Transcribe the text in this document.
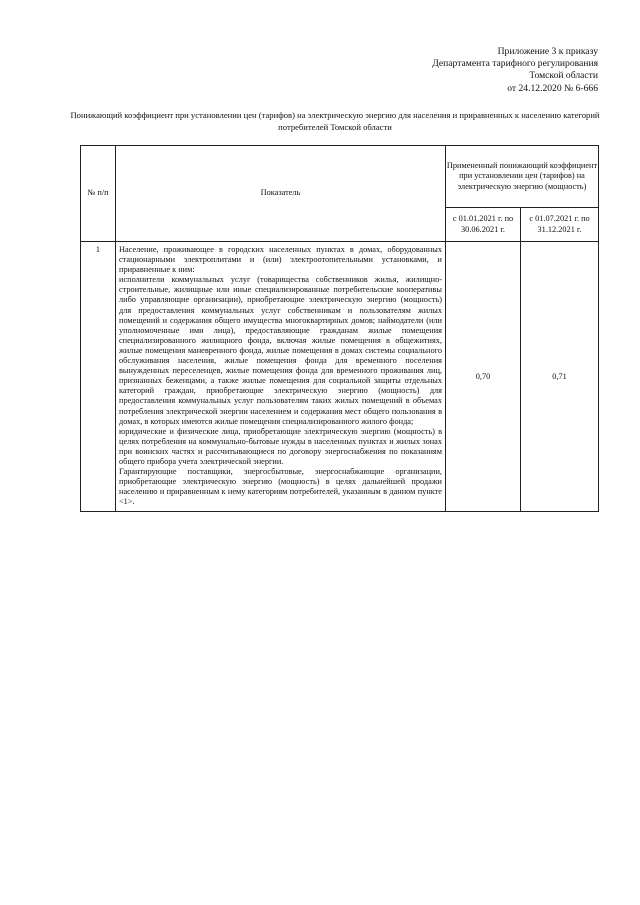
Приложение 3 к приказу
Департамента тарифного регулирования
Томской области
от 24.12.2020 № 6-666
Понижающий коэффициент при установлении цен (тарифов) на электрическую энергию для населения и приравненных к населению категорий потребителей Томской области
№ п/п	Показатель	Примененный понижающий коэффициент при установлении цен (тарифов) на электрическую энергию (мощность)	
		с 01.01.2021 г. по 30.06.2021 г.	с 01.07.2021 г. по 31.12.2021 г.
1	Население, проживающее в городских населенных пунктах в домах, оборудованных стационарными электроплитами и (или) электроотопительными установками, и приравненные к ним:

исполнители коммунальных услуг (товарищества собственников жилья, жилищно-строительные, жилищные или иные специализированные потребительские кооперативы либо управляющие организации), приобретающие электрическую энергию (мощность) для предоставления коммунальных услуг собственникам и пользователям жилых помещений и содержания общего имущества многоквартирных домов; наймодатели (или уполномоченные ими лица), предоставляющие гражданам жилые помещения специализированного жилищного фонда, включая жилые помещения в общежитиях, жилые помещения маневренного фонда, жилые помещения в домах системы социального обслуживания населения, жилые помещения фонда для временного поселения вынужденных переселенцев, жилые помещения фонда для временного проживания лиц, признанных беженцами, а также жилые помещения для социальной защиты отдельных категорий граждан, приобретающие электрическую энергию (мощность) для предоставления коммунальных услуг пользователям таких жилых помещений в объемах потребления электрической энергии населением и содержания мест общего пользования в домах, в которых имеются жилые помещения специализированного жилого фонда;

юридические и физические лица, приобретающие электрическую энергию (мощность) в целях потребления на коммунально-бытовые нужды в населенных пунктах и жилых зонах при воинских частях и рассчитывающиеся по договору энергоснабжения по показаниям общего прибора учета электрической энергии.

Гарантирующие поставщики, энергосбытовые, энергоснабжающие организации, приобретающие электрическую энергию (мощность) в целях дальнейшей продажи населению и приравненным к нему категориям потребителей, указанным в данном пункте <1>.	0,70	0,71
